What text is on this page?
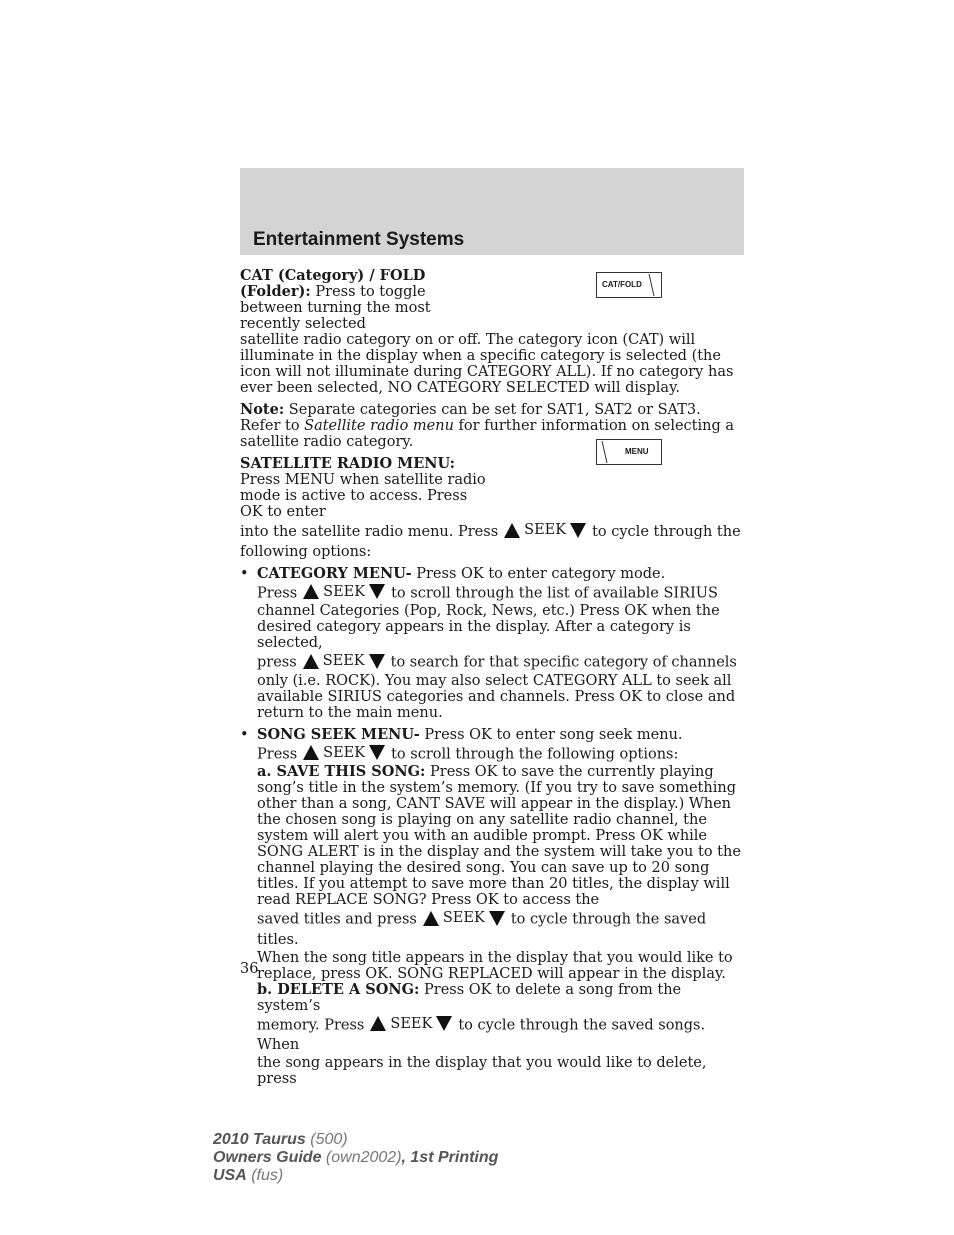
Entertainment Systems
CAT/FOLD
MENU

CAT (Category) / FOLD
(Folder): Press to toggle between turning the most recently selected
satellite radio category on or off. The category icon (CAT) will illuminate in the display when a specific category is selected (the icon will not illuminate during CATEGORY ALL). If no category has ever been selected, NO CATEGORY SELECTED will display.

Note: Separate categories can be set for SAT1, SAT2 or SAT3. Refer to Satellite radio menu for further information on selecting a satellite radio category.

SATELLITE RADIO MENU: Press MENU when satellite radio mode is active to access. Press OK to enter
into the satellite radio menu. Press SEEK to cycle through the following options:

• CATEGORY MENU- Press OK to enter category mode.

Press SEEK to scroll through the list of available SIRIUS

channel Categories (Pop, Rock, News, etc.) Press OK when the desired category appears in the display. After a category is selected,

press SEEK to search for that specific category of channels

only (i.e. ROCK). You may also select CATEGORY ALL to seek all available SIRIUS categories and channels. Press OK to close and return to the main menu.

• SONG SEEK MENU- Press OK to enter song seek menu.

Press SEEK to scroll through the following options:

a. SAVE THIS SONG: Press OK to save the currently playing song’s title in the system’s memory. (If you try to save something other than a song, CANT SAVE will appear in the display.) When the chosen song is playing on any satellite radio channel, the system will alert you with an audible prompt. Press OK while SONG ALERT is in the display and the system will take you to the channel playing the desired song. You can save up to 20 song titles. If you attempt to save more than 20 titles, the display will read REPLACE SONG? Press OK to access the

saved titles and press SEEK to cycle through the saved titles.

When the song title appears in the display that you would like to replace, press OK. SONG REPLACED will appear in the display.

b. DELETE A SONG: Press OK to delete a song from the system’s

memory. Press SEEK to cycle through the saved songs. When

the song appears in the display that you would like to delete, press

36
2010 Taurus (500)
Owners Guide (own2002), 1st Printing
USA (fus)
